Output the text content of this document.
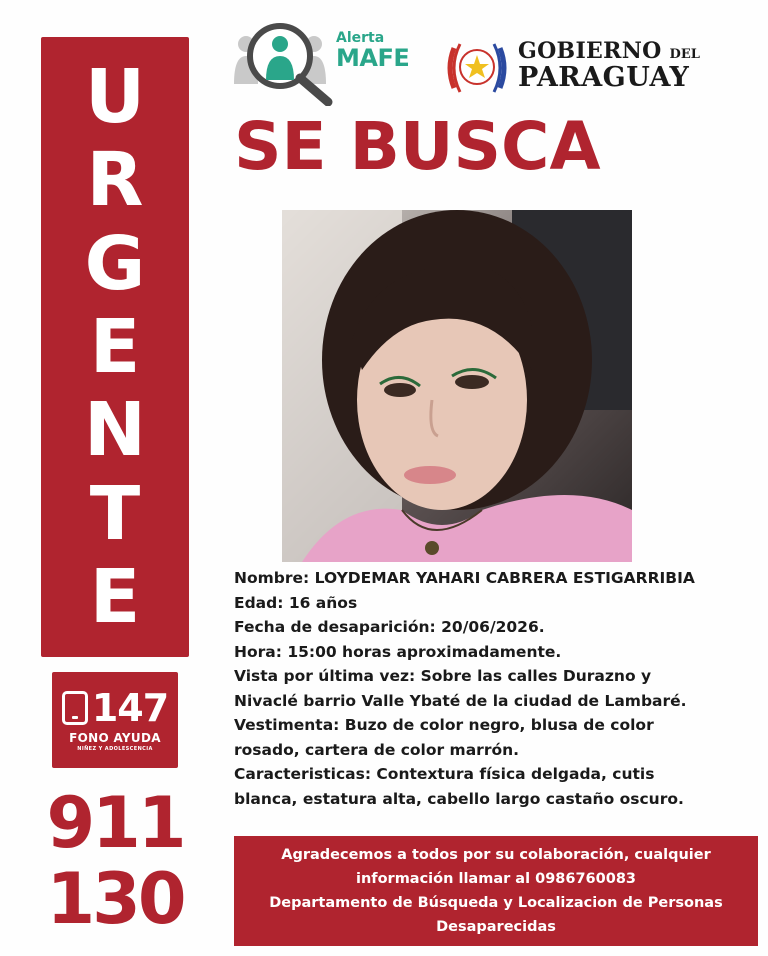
U
R
G
E
N
T
E
147
FONO AYUDA
NIÑEZ Y ADOLESCENCIA
911
130
Alerta
MAFE	GOBIERNO DEL
PARAGUAY
SE BUSCA
Nombre: LOYDEMAR YAHARI CABRERA ESTIGARRIBIA
Edad: 16 años
Fecha de desaparición: 20/06/2026.
Hora: 15:00 horas aproximadamente.
Vista por última vez: Sobre las calles Durazno y
Nivaclé barrio Valle Ybaté de la ciudad de Lambaré.
Vestimenta: Buzo de color negro, blusa de color
rosado, cartera de color marrón.
Caracteristicas: Contextura física delgada, cutis
blanca, estatura alta, cabello largo castaño oscuro.
Agradecemos a todos por su colaboración, cualquier
información llamar al 0986760083
Departamento de Búsqueda y Localizacion de Personas
Desaparecidas
